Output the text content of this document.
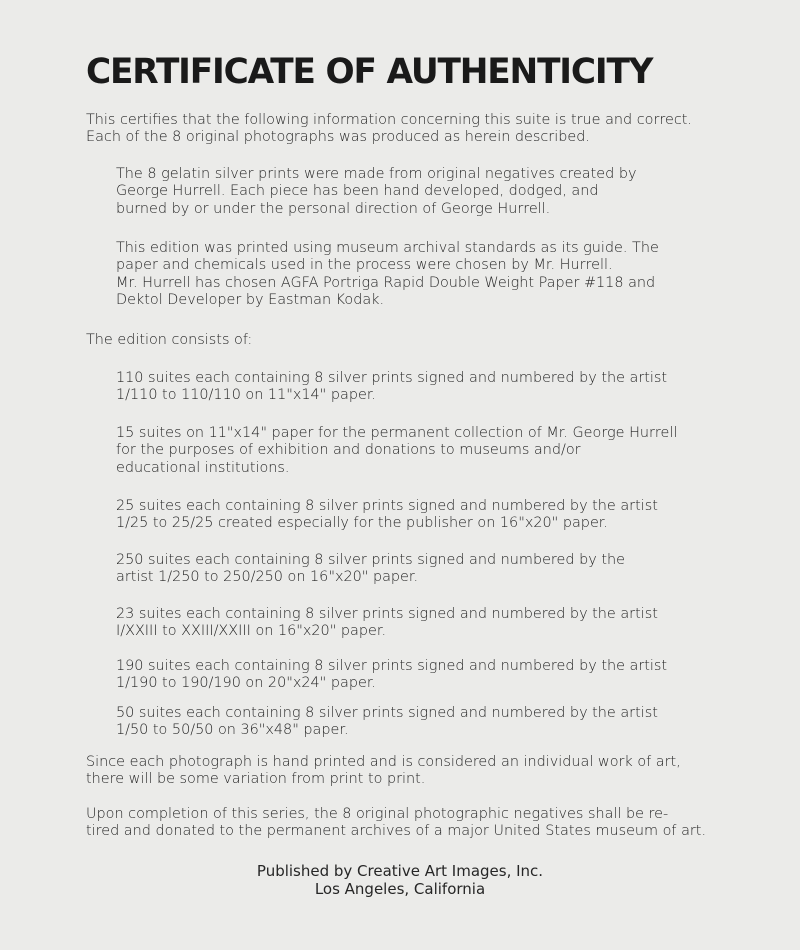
CERTIFICATE OF AUTHENTICITY

This certifies that the following information concerning this suite is true and correct.
Each of the 8 original photographs was produced as herein described.

The 8 gelatin silver prints were made from original negatives created by
George Hurrell. Each piece has been hand developed, dodged, and
burned by or under the personal direction of George Hurrell.

This edition was printed using museum archival standards as its guide. The
paper and chemicals used in the process were chosen by Mr. Hurrell.
Mr. Hurrell has chosen AGFA Portriga Rapid Double Weight Paper #118 and
Dektol Developer by Eastman Kodak.

The edition consists of:

110 suites each containing 8 silver prints signed and numbered by the artist
1/110 to 110/110 on 11"x14" paper.

15 suites on 11"x14" paper for the permanent collection of Mr. George Hurrell
for the purposes of exhibition and donations to museums and/or
educational institutions.

25 suites each containing 8 silver prints signed and numbered by the artist
1/25 to 25/25 created especially for the publisher on 16"x20" paper.

250 suites each containing 8 silver prints signed and numbered by the
artist 1/250 to 250/250 on 16"x20" paper.

23 suites each containing 8 silver prints signed and numbered by the artist
I/XXIII to XXIII/XXIII on 16"x20" paper.

190 suites each containing 8 silver prints signed and numbered by the artist
1/190 to 190/190 on 20"x24" paper.

50 suites each containing 8 silver prints signed and numbered by the artist
1/50 to 50/50 on 36"x48" paper.

Since each photograph is hand printed and is considered an individual work of art,
there will be some variation from print to print.

Upon completion of this series, the 8 original photographic negatives shall be re-
tired and donated to the permanent archives of a major United States museum of art.

Published by Creative Art Images, Inc.
Los Angeles, California
